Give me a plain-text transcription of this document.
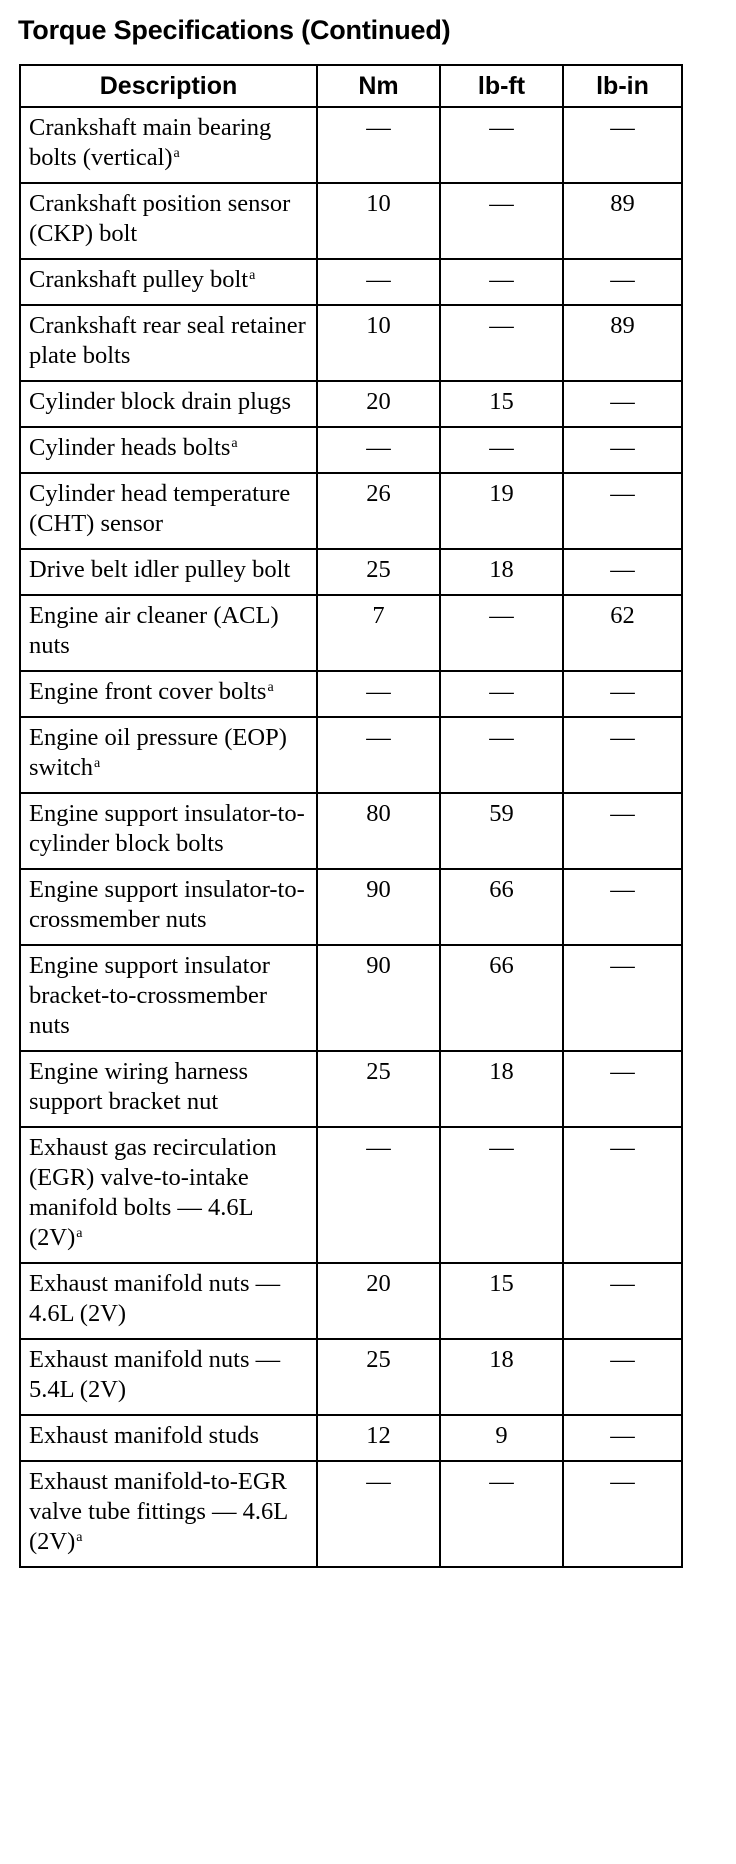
Torque Specifications (Continued)
Description	Nm	lb-ft	lb-in
Crankshaft main bearing bolts (vertical)$^a$	—	—	—
Crankshaft position sensor (CKP) bolt	10	—	89
Crankshaft pulley bolt$^a$	—	—	—
Crankshaft rear seal retainer plate bolts	10	—	89
Cylinder block drain plugs	20	15	—
Cylinder heads bolts$^a$	—	—	—
Cylinder head temperature (CHT) sensor	26	19	—
Drive belt idler pulley bolt	25	18	—
Engine air cleaner (ACL) nuts	7	—	62
Engine front cover bolts$^a$	—	—	—
Engine oil pressure (EOP) switch$^a$	—	—	—
Engine support insulator-to-cylinder block bolts	80	59	—
Engine support insulator-to-crossmember nuts	90	66	—
Engine support insulator bracket-to-crossmember nuts	90	66	—
Engine wiring harness support bracket nut	25	18	—
Exhaust gas recirculation (EGR) valve-to-intake manifold bolts — 4.6L (2V)$^a$	—	—	—
Exhaust manifold nuts — 4.6L (2V)	20	15	—
Exhaust manifold nuts — 5.4L (2V)	25	18	—
Exhaust manifold studs	12	9	—
Exhaust manifold-to-EGR valve tube fittings — 4.6L (2V)$^a$	—	—	—
